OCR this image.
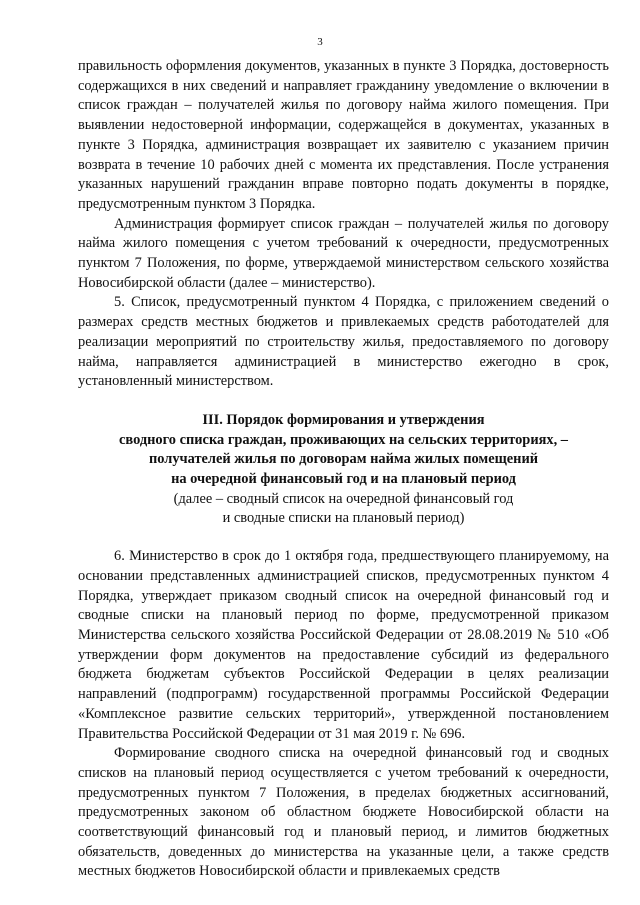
3

правильность оформления документов, указанных в пункте 3 Порядка, достоверность содержащихся в них сведений и направляет гражданину уведомление о включении в список граждан – получателей жилья по договору найма жилого помещения. При выявлении недостоверной информации, содержащейся в документах, указанных в пункте 3 Порядка, администрация возвращает их заявителю с указанием причин возврата в течение 10 рабочих дней с момента их представления. После устранения указанных нарушений гражданин вправе повторно подать документы в порядке, предусмотренным пунктом 3 Порядка.

Администрация формирует список граждан – получателей жилья по договору найма жилого помещения с учетом требований к очередности, предусмотренных пунктом 7 Положения, по форме, утверждаемой министерством сельского хозяйства Новосибирской области (далее – министерство).

5. Список, предусмотренный пунктом 4 Порядка, с приложением сведений о размерах средств местных бюджетов и привлекаемых средств работодателей для реализации мероприятий по строительству жилья, предоставляемого по договору найма, направляется администрацией в министерство ежегодно в срок, установленный министерством.

III. Порядок формирования и утверждения
сводного списка граждан, проживающих на сельских территориях, –
получателей жилья по договорам найма жилых помещений
на очередной финансовый год и на плановый период
(далее – сводный список на очередной финансовый год
и сводные списки на плановый период)

6. Министерство в срок до 1 октября года, предшествующего планируемому, на основании представленных администрацией списков, предусмотренных пунктом 4 Порядка, утверждает приказом сводный список на очередной финансовый год и сводные списки на плановый период по форме, предусмотренной приказом Министерства сельского хозяйства Российской Федерации от 28.08.2019 № 510 «Об утверждении форм документов на предоставление субсидий из федерального бюджета бюджетам субъектов Российской Федерации в целях реализации направлений (подпрограмм) государственной программы Российской Федерации «Комплексное развитие сельских территорий», утвержденной постановлением Правительства Российской Федерации от 31 мая 2019 г. № 696.

Формирование сводного списка на очередной финансовый год и сводных списков на плановый период осуществляется с учетом требований к очередности, предусмотренных пунктом 7 Положения, в пределах бюджетных ассигнований, предусмотренных законом об областном бюджете Новосибирской области на соответствующий финансовый год и плановый период, и лимитов бюджетных обязательств, доведенных до министерства на указанные цели, а также средств местных бюджетов Новосибирской области и привлекаемых средств
